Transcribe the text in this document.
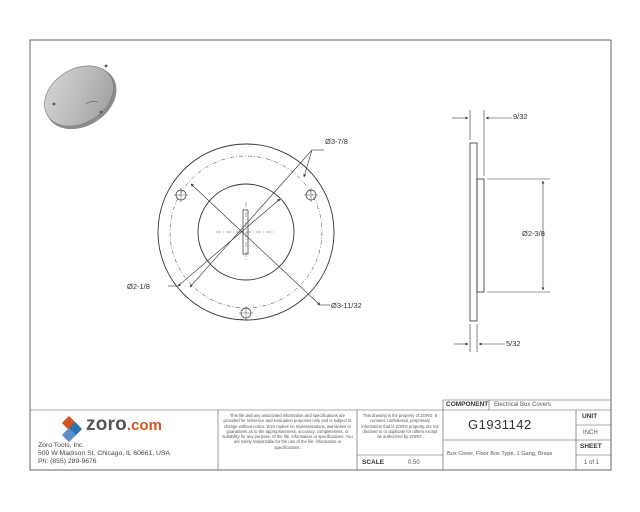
Ø3-7/8
Ø3-11/32
Ø2-1/8
Ø2-3/8
9/32
5/32
zoro.com
Zoro Tools, Inc.
500 W Madison St, Chicago, IL 60661, USA
Ph: (855) 289-9676
This file and any associated information and specifications are provided for reference and evaluation purposes only and is subject to change without notice. Zoro makes no representations, warranties or guarantees as to the appropriateness, accuracy, completeness, or suitability for any purpose, of the file, information or specifications. You are solely responsible for the use of the file, information or specifications.
This drawing is the property of ZORO. It contains confidential, proprietary information that is ZORO property. Do not disclose to or duplicate for others except as authorized by ZORO.
COMPONENT Electrical Box Covers
G1931142
Box Cover, Floor Box Type, 1 Gang, Brass
SCALE	0.50
UNIT
INCH
SHEET
1 of 1
